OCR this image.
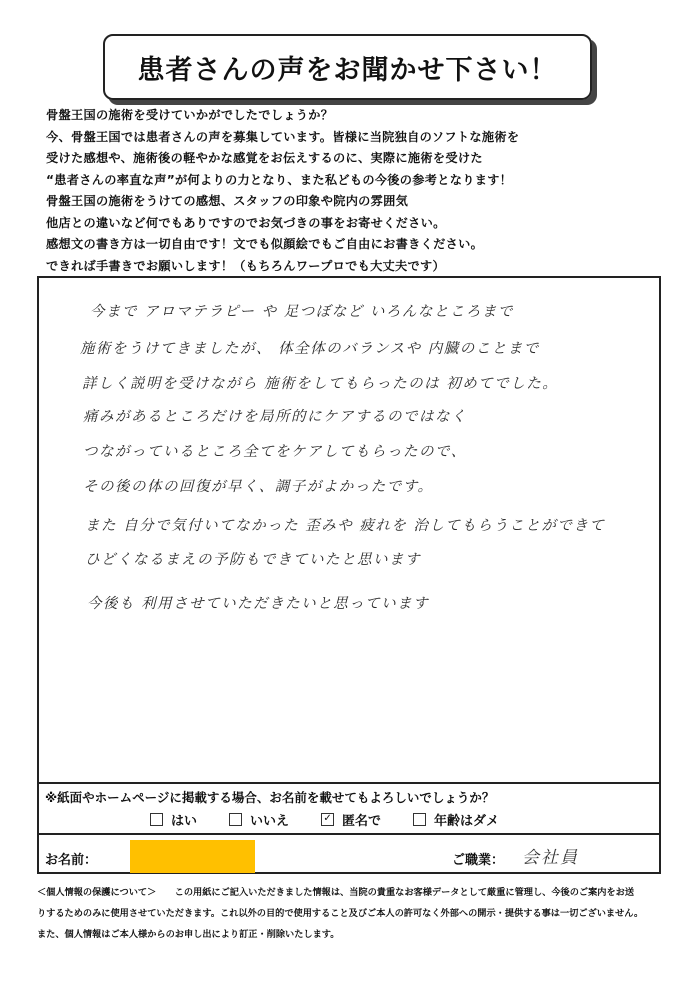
患者さんの声をお聞かせ下さい！
骨盤王国の施術を受けていかがでしたでしょうか？
今、骨盤王国では患者さんの声を募集しています。皆様に当院独自のソフトな施術を
受けた感想や、施術後の軽やかな感覚をお伝えするのに、実際に施術を受けた
“患者さんの率直な声”が何よりの力となり、また私どもの今後の参考となります！
骨盤王国の施術をうけての感想、スタッフの印象や院内の雰囲気
他店との違いなど何でもありですのでお気づきの事をお寄せください。
感想文の書き方は一切自由です！文でも似顔絵でもご自由にお書きください。
できれば手書きでお願いします！（もちろんワープロでも大丈夫です）
今まで アロマテラピー や 足つぼなど いろんなところまで
施術をうけてきましたが、 体全体のバランスや 内臓のことまで
詳しく説明を受けながら 施術をしてもらったのは 初めてでした。
痛みがあるところだけを局所的にケアするのではなく
つながっているところ全てをケアしてもらったので、
その後の体の回復が早く、調子がよかったです。
また 自分で気付いてなかった 歪みや 疲れを 治してもらうことができて
ひどくなるまえの予防もできていたと思います
今後も 利用させていただきたいと思っています
※紙面やホームページに掲載する場合、お名前を載せてもよろしいでしょうか？
はい	いいえ	✓ 匿名で	年齢はダメ
お名前：	ご職業： 会社員
＜個人情報の保護について＞　　この用紙にご記入いただきました情報は、当院の貴重なお客様データとして厳重に管理し、今後のご案内をお送
りするためのみに使用させていただきます。これ以外の目的で使用すること及びご本人の許可なく外部への開示・提供する事は一切ございません。
また、個人情報はご本人様からのお申し出により訂正・削除いたします。
